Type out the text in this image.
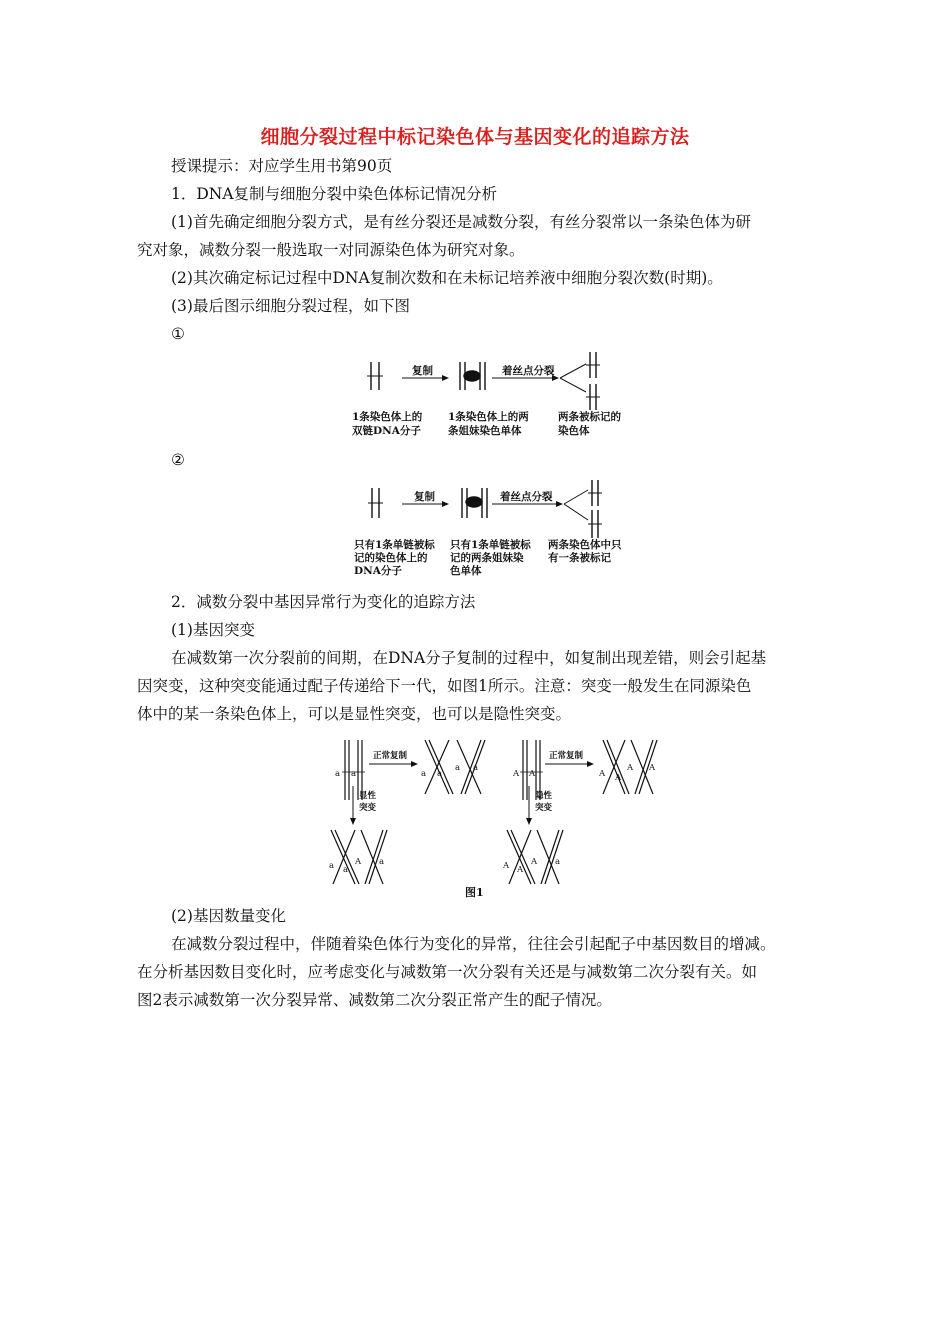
细胞分裂过程中标记染色体与基因变化的追踪方法
授课提示：对应学生用书第90页
1．DNA复制与细胞分裂中染色体标记情况分析
(1)首先确定细胞分裂方式，是有丝分裂还是减数分裂，有丝分裂常以一条染色体为研
究对象，减数分裂一般选取一对同源染色体为研究对象。
(2)其次确定标记过程中DNA复制次数和在未标记培养液中细胞分裂次数(时期)。
(3)最后图示细胞分裂过程，如下图
①
复制	着丝点分裂
1条染色体上的
双链DNA分子
1条染色体上的两
条姐妹染色单体
两条被标记的
染色体
②
复制	着丝点分裂
只有1条单链被标
记的染色体上的
DNA分子
只有1条单链被标
记的两条姐妹染
色单体
两条染色体中只
有一条被标记
2．减数分裂中基因异常行为变化的追踪方法
(1)基因突变
在减数第一次分裂前的间期，在DNA分子复制的过程中，如复制出现差错，则会引起基
因突变，这种突变能通过配子传递给下一代，如图1所示。注意：突变一般发生在同源染色
体中的某一条染色体上，可以是显性突变，也可以是隐性突变。
a a
正常复制
a a
a a
显性
突变
a a
A a
A A
正常复制
A A
A A
隐性
突变
A A
A a
图1
(2)基因数量变化
在减数分裂过程中，伴随着染色体行为变化的异常，往往会引起配子中基因数目的增减。
在分析基因数目变化时，应考虑变化与减数第一次分裂有关还是与减数第二次分裂有关。如
图2表示减数第一次分裂异常、减数第二次分裂正常产生的配子情况。
